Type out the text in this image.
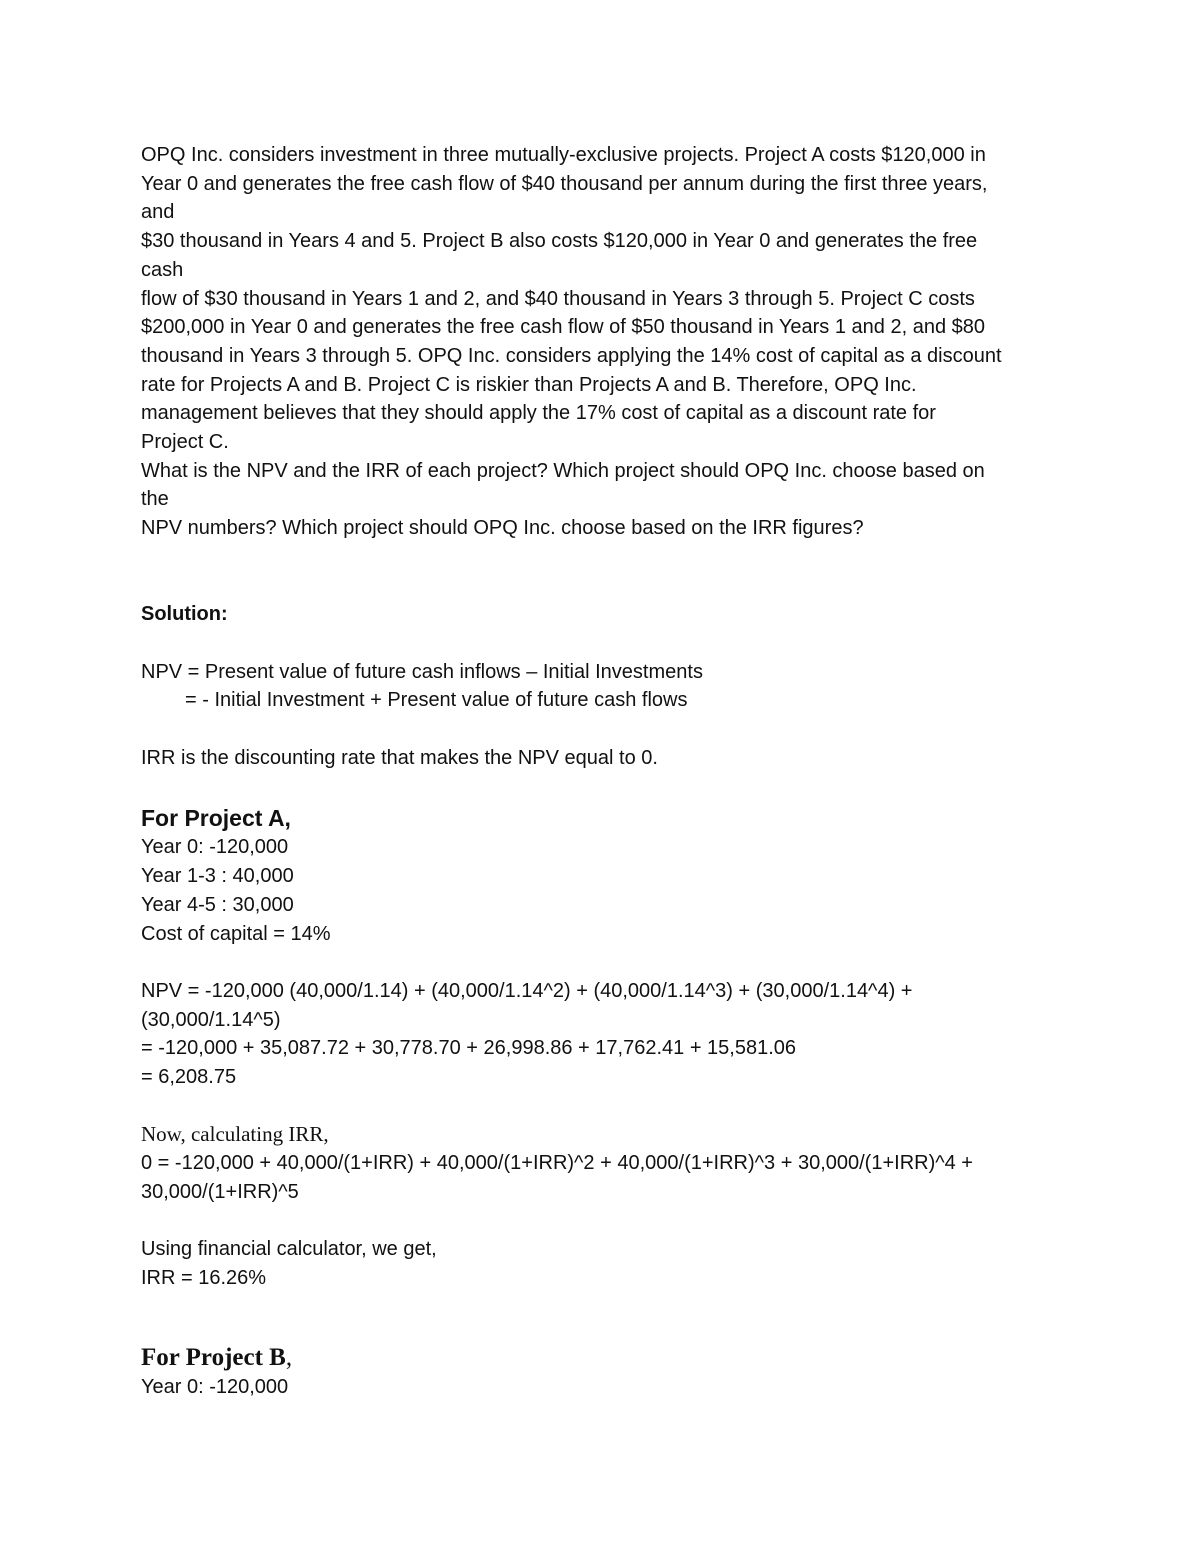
OPQ Inc. considers investment in three mutually-exclusive projects. Project A costs $120,000 in

Year 0 and generates the free cash flow of $40 thousand per annum during the first three years,

and

$30 thousand in Years 4 and 5. Project B also costs $120,000 in Year 0 and generates the free

cash

flow of $30 thousand in Years 1 and 2, and $40 thousand in Years 3 through 5. Project C costs

$200,000 in Year 0 and generates the free cash flow of $50 thousand in Years 1 and 2, and $80

thousand in Years 3 through 5. OPQ Inc. considers applying the 14% cost of capital as a discount

rate for Projects A and B. Project C is riskier than Projects A and B. Therefore, OPQ Inc.

management believes that they should apply the 17% cost of capital as a discount rate for

Project C.

What is the NPV and the IRR of each project? Which project should OPQ Inc. choose based on

the

NPV numbers? Which project should OPQ Inc. choose based on the IRR figures?

Solution:

NPV = Present value of future cash inflows – Initial Investments

= - Initial Investment + Present value of future cash flows

IRR is the discounting rate that makes the NPV equal to 0.

For Project A,

Year 0: -120,000

Year 1-3 : 40,000

Year 4-5 : 30,000

Cost of capital = 14%

NPV = -120,000 (40,000/1.14) + (40,000/1.14^2) + (40,000/1.14^3) + (30,000/1.14^4) +

(30,000/1.14^5)

= -120,000 + 35,087.72 + 30,778.70 + 26,998.86 + 17,762.41 + 15,581.06

= 6,208.75

Now, calculating IRR,

0 = -120,000 + 40,000/(1+IRR) + 40,000/(1+IRR)^2 + 40,000/(1+IRR)^3 + 30,000/(1+IRR)^4 +

30,000/(1+IRR)^5

Using financial calculator, we get,

IRR = 16.26%

For Project B,

Year 0: -120,000
